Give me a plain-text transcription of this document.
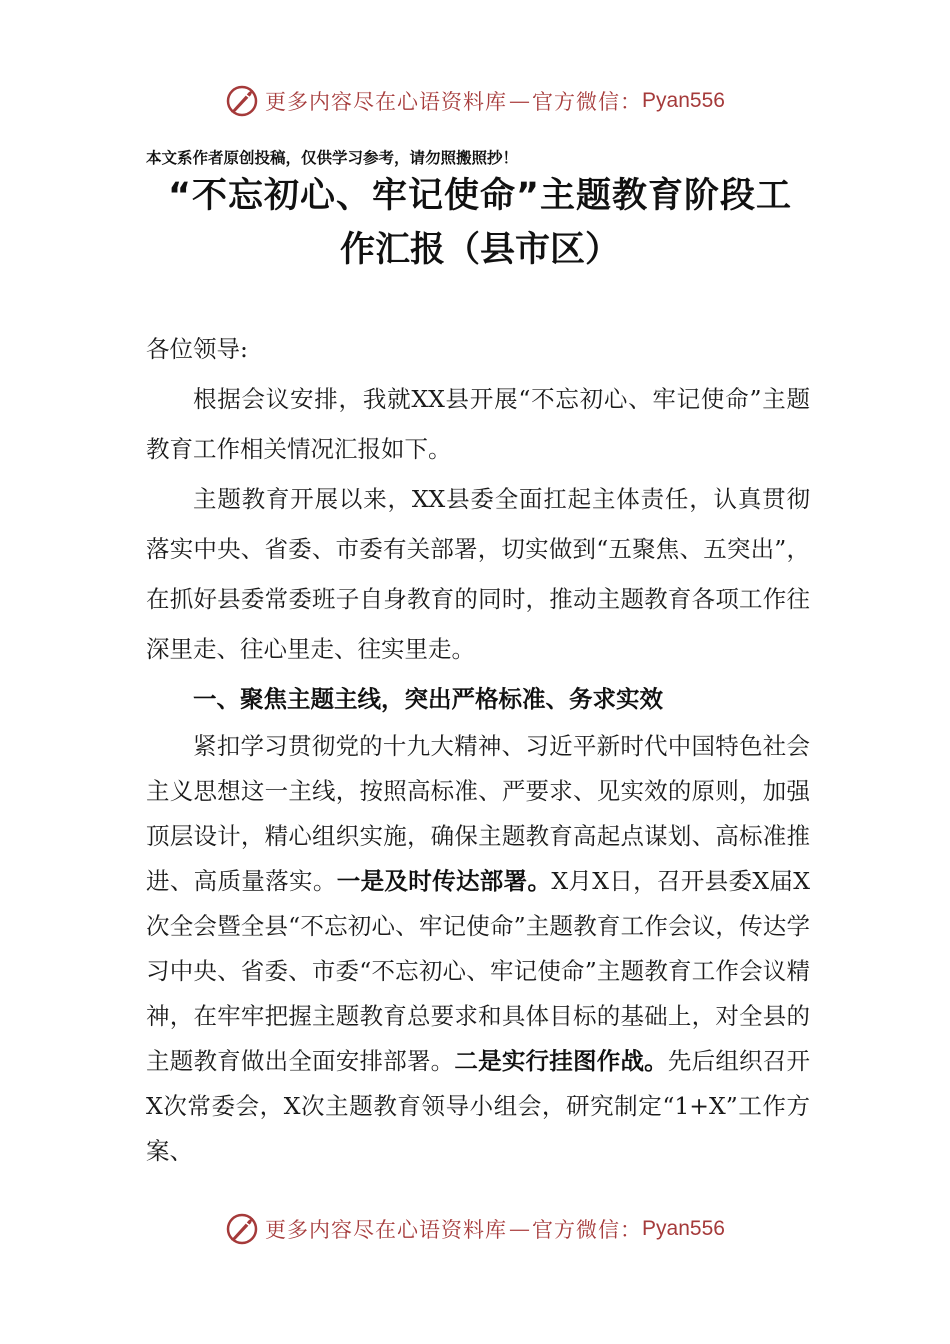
更多内容尽在心语资料库 — 官方微信： Pyan556
本文系作者原创投稿，仅供学习参考，请勿照搬照抄！
“不忘初心、牢记使命”主题教育阶段工
作汇报（县市区）

各位领导:

根据会议安排，我就XX县开展“不忘初心、牢记使命”主题教育工作相关情况汇报如下。

主题教育开展以来，XX县委全面扛起主体责任，认真贯彻落实中央、省委、市委有关部署，切实做到“五聚焦、五突出”，在抓好县委常委班子自身教育的同时，推动主题教育各项工作往深里走、往心里走、往实里走。

一、聚焦主题主线，突出严格标准、务求实效

紧扣学习贯彻党的十九大精神、习近平新时代中国特色社会主义思想这一主线，按照高标准、严要求、见实效的原则，加强顶层设计，精心组织实施，确保主题教育高起点谋划、高标准推进、高质量落实。一是及时传达部署。X月X日，召开县委X届X次全会暨全县“不忘初心、牢记使命”主题教育工作会议，传达学习中央、省委、市委“不忘初心、牢记使命”主题教育工作会议精神，在牢牢把握主题教育总要求和具体目标的基础上，对全县的主题教育做出全面安排部署。二是实行挂图作战。先后组织召开X次常委会，X次主题教育领导小组会，研究制定“1+X”工作方案、

更多内容尽在心语资料库 — 官方微信： Pyan556
